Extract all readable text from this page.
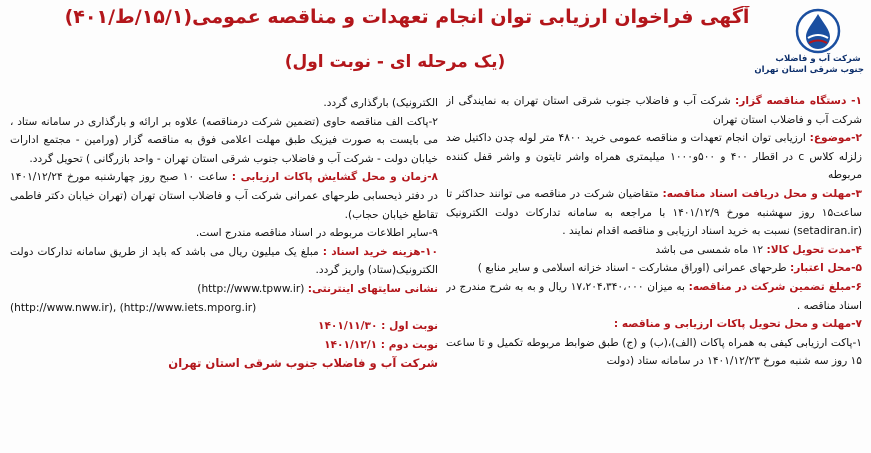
آگهی فراخوان ارزیابی توان انجام تعهدات و مناقصه عمومی(۱۵/۱/ط/۴۰۱)
(یک مرحله ای - نوبت اول)	شرکت آب و فاضلاب
جنوب شرقی استان تهران
۱- دستگاه مناقصه گزار: شرکت آب و فاضلاب جنوب شرقی استان تهران به نمایندگی از شرکت آب و فاضلاب استان تهران
۲-موضوع: ارزیابی توان انجام تعهدات و مناقصه عمومی خرید ۴۸۰۰ متر لوله چدن داکتیل ضد زلزله کلاس c در اقطار ۴۰۰ و ۵۰۰و۱۰۰۰ میلیمتری همراه واشر تایتون و واشر قفل کننده مربوطه
۳-مهلت و محل دریافت اسناد مناقصه: متقاضیان شرکت در مناقصه می توانند حداکثر تا ساعت۱۵ روز سهشنبه مورخ ۱۴۰۱/۱۲/۹ با مراجعه به سامانه تدارکات دولت الکترونیک (setadiran.ir) نسبت به خرید اسناد ارزیابی و مناقصه اقدام نمایند .
۴-مدت تحویل کالا: ۱۲ ماه شمسی می باشد
۵-محل اعتبار: طرحهای عمرانی (اوراق مشارکت - اسناد خزانه اسلامی و سایر منابع )
۶-مبلغ تضمین شرکت در مناقصه: به میزان ۱۷،۲۰۴،۳۴۰،۰۰۰ ریال و به به شرح مندرج در اسناد مناقصه .
۷-مهلت و محل تحویل پاکات ارزیابی و مناقصه :
۱-پاکت ارزیابی کیفی به همراه پاکات (الف)،(ب) و (ج) طبق ضوابط مربوطه تکمیل و تا ساعت ۱۵ روز سه شنبه مورخ ۱۴۰۱/۱۲/۲۳ در سامانه ستاد (دولت
الکترونیک) بارگذاری گردد.
۲-پاکت الف مناقصه حاوی (تضمین شرکت درمناقصه) علاوه بر ارائه و بارگذاری در سامانه ستاد ، می بایست به صورت فیزیک طبق مهلت اعلامی فوق به مناقصه گزار (ورامین - مجتمع ادارات خیابان دولت - شرکت آب و فاضلاب جنوب شرقی استان تهران - واحد بازرگانی ) تحویل گردد.
۸-زمان و محل گشایش پاکات ارزیابی : ساعت ۱۰ صبح روز چهارشنبه مورخ ۱۴۰۱/۱۲/۲۴ در دفتر ذیحسابی طرحهای عمرانی شرکت آب و فاضلاب استان تهران (تهران خیابان دکتر فاطمی تقاطع خیابان حجاب).
۹-سایر اطلاعات مربوطه در اسناد مناقصه مندرج است.
۱۰-هزینه خرید اسناد : مبلغ یک میلیون ریال می باشد که باید از طریق سامانه تدارکات دولت الکترونیک(ستاد) واریز گردد.
نشانی سایتهای اینترنتی: (http://www.tpww.ir)
(http://www.nww.ir), (http://www.iets.mporg.ir)
نوبت اول : ۱۴۰۱/۱۱/۳۰
نوبت دوم : ۱۴۰۱/۱۲/۱
شرکت آب و فاضلاب جنوب شرقی استان تهران
